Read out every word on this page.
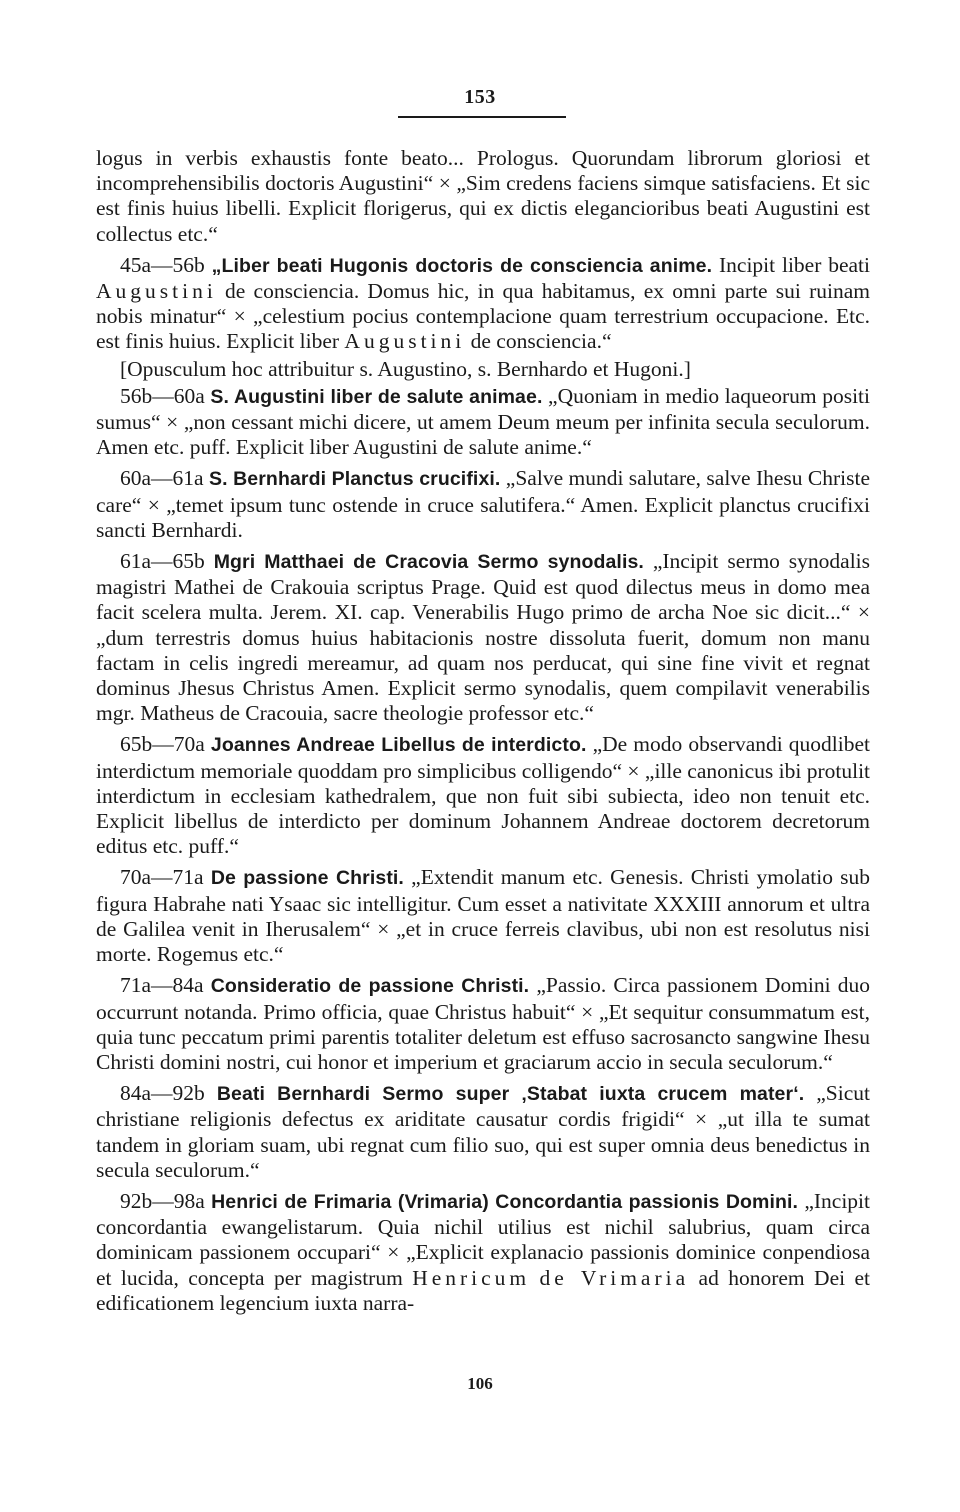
153

logus in verbis exhaustis fonte beato... Prologus. Quorundam librorum gloriosi et incomprehensibilis doctoris Augustini“ × „Sim credens faciens simque satisfaciens. Et sic est finis huius libelli. Explicit florigerus, qui ex dictis elegancioribus beati Augustini est collectus etc.“

45a—56b „Liber beati Hugonis doctoris de consciencia anime. Incipit liber beati Augustini de consciencia. Domus hic, in qua habitamus, ex omni parte sui ruinam nobis minatur“ × „celestium pocius contemplacione quam terrestrium occupacione. Etc. est finis huius. Explicit liber Augustini de consciencia.“

[Opusculum hoc attribuitur s. Augustino, s. Bernhardo et Hugoni.]

56b—60a S. Augustini liber de salute animae. „Quoniam in medio laqueorum positi sumus“ × „non cessant michi dicere, ut amem Deum meum per infinita secula seculorum. Amen etc. puff. Explicit liber Augustini de salute anime.“

60a—61a S. Bernhardi Planctus crucifixi. „Salve mundi salutare, salve Ihesu Christe care“ × „temet ipsum tunc ostende in cruce salutifera.“ Amen. Explicit planctus crucifixi sancti Bernhardi.

61a—65b Mgri Matthaei de Cracovia Sermo synodalis. „Incipit sermo synodalis magistri Mathei de Crakouia scriptus Prage. Quid est quod dilectus meus in domo mea facit scelera multa. Jerem. XI. cap. Venerabilis Hugo primo de archa Noe sic dicit...“ × „dum terrestris domus huius habitacionis nostre dissoluta fuerit, domum non manu factam in celis ingredi mereamur, ad quam nos perducat, qui sine fine vivit et regnat dominus Jhesus Christus Amen. Explicit sermo synodalis, quem compilavit venerabilis mgr. Matheus de Cracouia, sacre theologie professor etc.“

65b—70a Joannes Andreae Libellus de interdicto. „De modo observandi quodlibet interdictum memoriale quoddam pro simplicibus colligendo“ × „ille canonicus ibi protulit interdictum in ecclesiam kathedralem, que non fuit sibi subiecta, ideo non tenuit etc. Explicit libellus de interdicto per dominum Johannem Andreae doctorem decretorum editus etc. puff.“

70a—71a De passione Christi. „Extendit manum etc. Genesis. Christi ymolatio sub figura Habrahe nati Ysaac sic intelligitur. Cum esset a nativitate XXXIII annorum et ultra de Galilea venit in Iherusalem“ × „et in cruce ferreis clavibus, ubi non est resolutus nisi morte. Rogemus etc.“

71a—84a Consideratio de passione Christi. „Passio. Circa passionem Domini duo occurrunt notanda. Primo officia, quae Christus habuit“ × „Et sequitur consummatum est, quia tunc peccatum primi parentis totaliter deletum est effuso sacrosancto sangwine Ihesu Christi domini nostri, cui honor et imperium et graciarum accio in secula seculorum.“

84a—92b Beati Bernhardi Sermo super ‚Stabat iuxta crucem mater‘. „Sicut christiane religionis defectus ex ariditate causatur cordis frigidi“ × „ut illa te sumat tandem in gloriam suam, ubi regnat cum filio suo, qui est super omnia deus benedictus in secula seculorum.“

92b—98a Henrici de Frimaria (Vrimaria) Concordantia passionis Domini. „Incipit concordantia ewangelistarum. Quia nichil utilius est nichil salubrius, quam circa dominicam passionem occupari“ × „Explicit explanacio passionis dominice conpendiosa et lucida, concepta per magistrum Henricum de Vrimaria ad honorem Dei et edificationem legencium iuxta narra-

106
